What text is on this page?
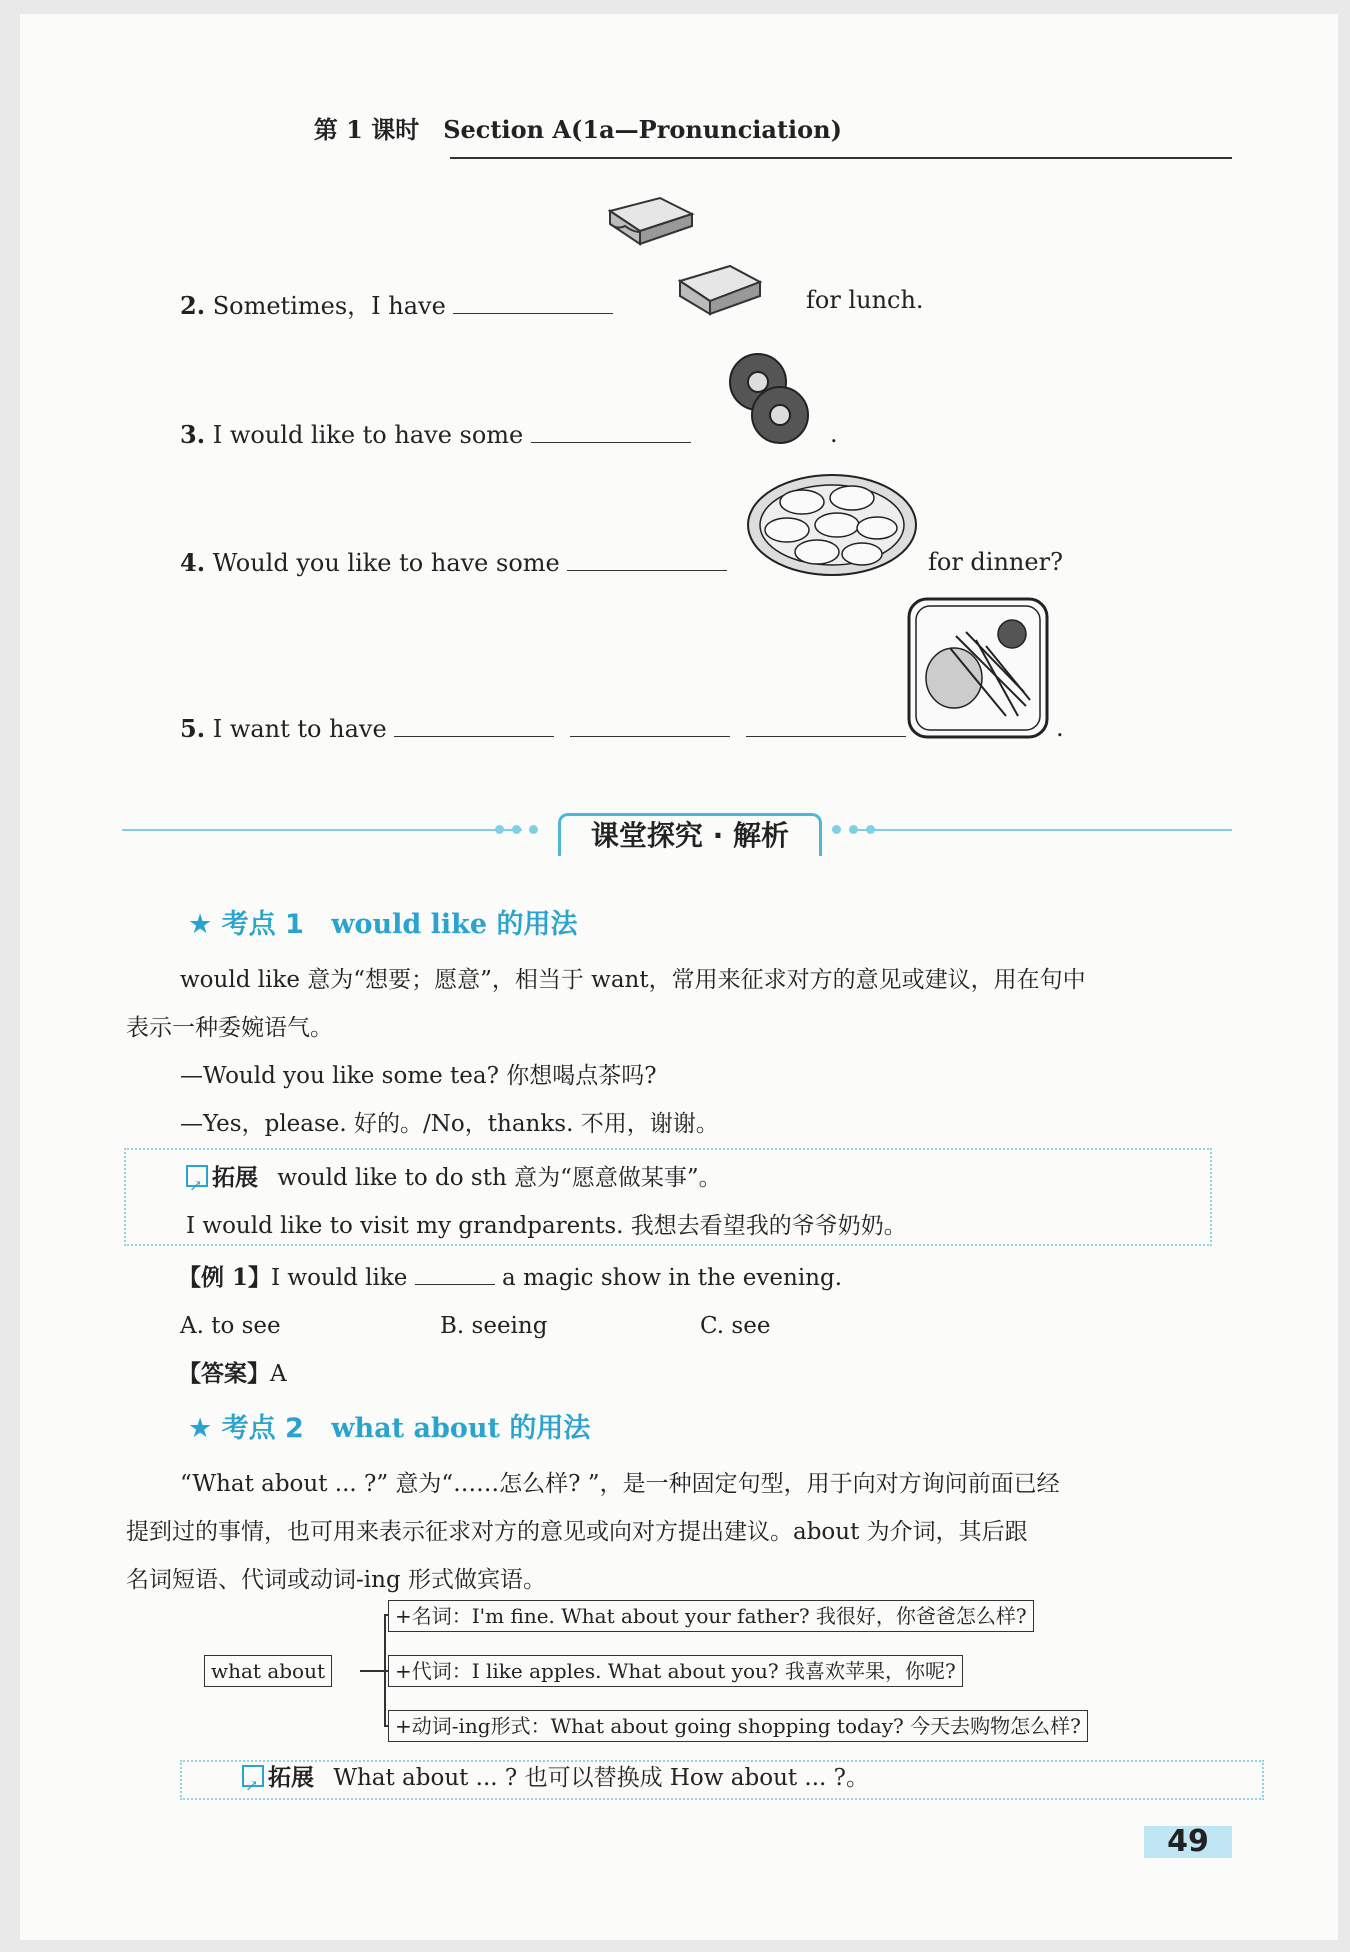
第 1 课时　Section A(1a—Pronunciation)
2. Sometimes，I have	for lunch.
3. I would like to have some	.
4. Would you like to have some	for dinner?
5. I want to have	.
课堂探究 · 解析
★ 考点 1 would like 的用法
would like 意为“想要；愿意”，相当于 want，常用来征求对方的意见或建议，用在句中
表示一种委婉语气。
—Would you like some tea? 你想喝点茶吗?
—Yes，please. 好的。/No，thanks. 不用，谢谢。
↗拓展 would like to do sth 意为“愿意做某事”。
I would like to visit my grandparents. 我想去看望我的爷爷奶奶。
【例 1】I would like	a magic show in the evening.
A. to see	B. seeing	C. see
【答案】A
★ 考点 2 what about 的用法
“What about ... ?” 意为“……怎么样? ”，是一种固定句型，用于向对方询问前面已经
提到过的事情，也可用来表示征求对方的意见或向对方提出建议。about 为介词，其后跟
名词短语、代词或动词-ing 形式做宾语。
what about
+名词：I'm fine. What about your father? 我很好，你爸爸怎么样?
+代词：I like apples. What about you? 我喜欢苹果，你呢?
+动词-ing形式：What about going shopping today? 今天去购物怎么样?
↗拓展 What about ... ? 也可以替换成 How about ... ?。
49
